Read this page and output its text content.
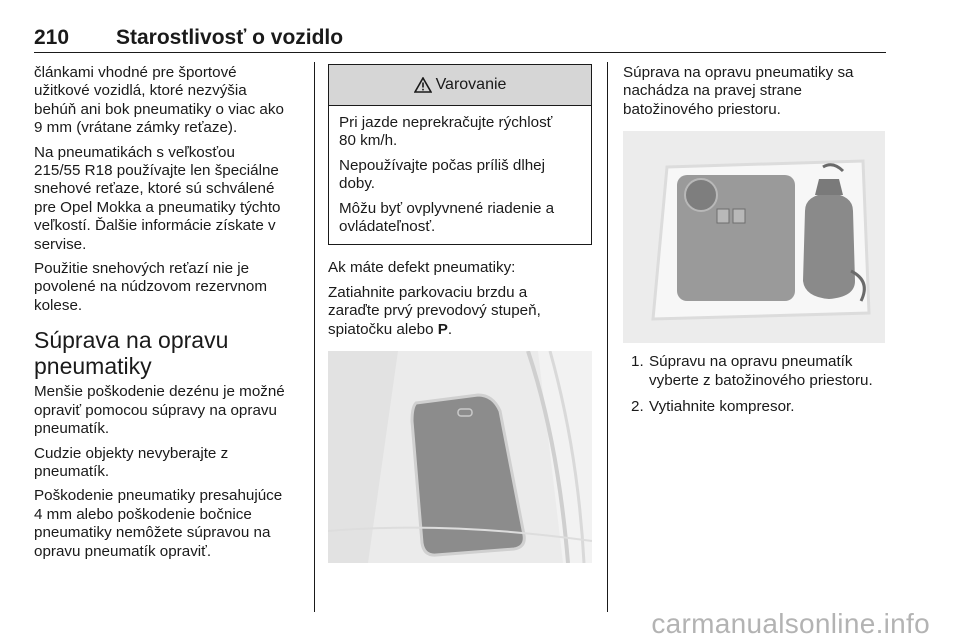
210 Starostlivosť o vozidlo

článkami vhodné pre športové
užitkové vozidlá, ktoré nezvýšia
behúň ani bok pneumatiky o viac ako
9 mm (vrátane zámky reťaze).

Na pneumatikách s veľkosťou
215/55 R18 používajte len špeciálne
snehové reťaze, ktoré sú schválené
pre Opel Mokka a pneumatiky týchto
veľkostí. Ďalšie informácie získate v
servise.

Použitie snehových reťazí nie je
povolené na núdzovom rezervnom
kolese.

Súprava na opravu
pneumatiky

Menšie poškodenie dezénu je možné
opraviť pomocou súpravy na opravu
pneumatík.

Cudzie objekty nevyberajte z
pneumatík.

Poškodenie pneumatiky presahujúce
4 mm alebo poškodenie bočnice
pneumatiky nemôžete súpravou na
opravu pneumatík opraviť.

Varovanie

Pri jazde neprekračujte rýchlosť
80 km/h.

Nepoužívajte počas príliš dlhej
doby.

Môžu byť ovplyvnené riadenie a
ovládateľnosť.

Ak máte defekt pneumatiky:

Zatiahnite parkovaciu brzdu a
zaraďte prvý prevodový stupeň,
spiatočku alebo P.

Súprava na opravu pneumatiky sa
nachádza na pravej strane
batožinového priestoru.

1. Súpravu na opravu pneumatík
vyberte z batožinového priestoru.
2. Vytiahnite kompresor.
carmanualsonline.info
